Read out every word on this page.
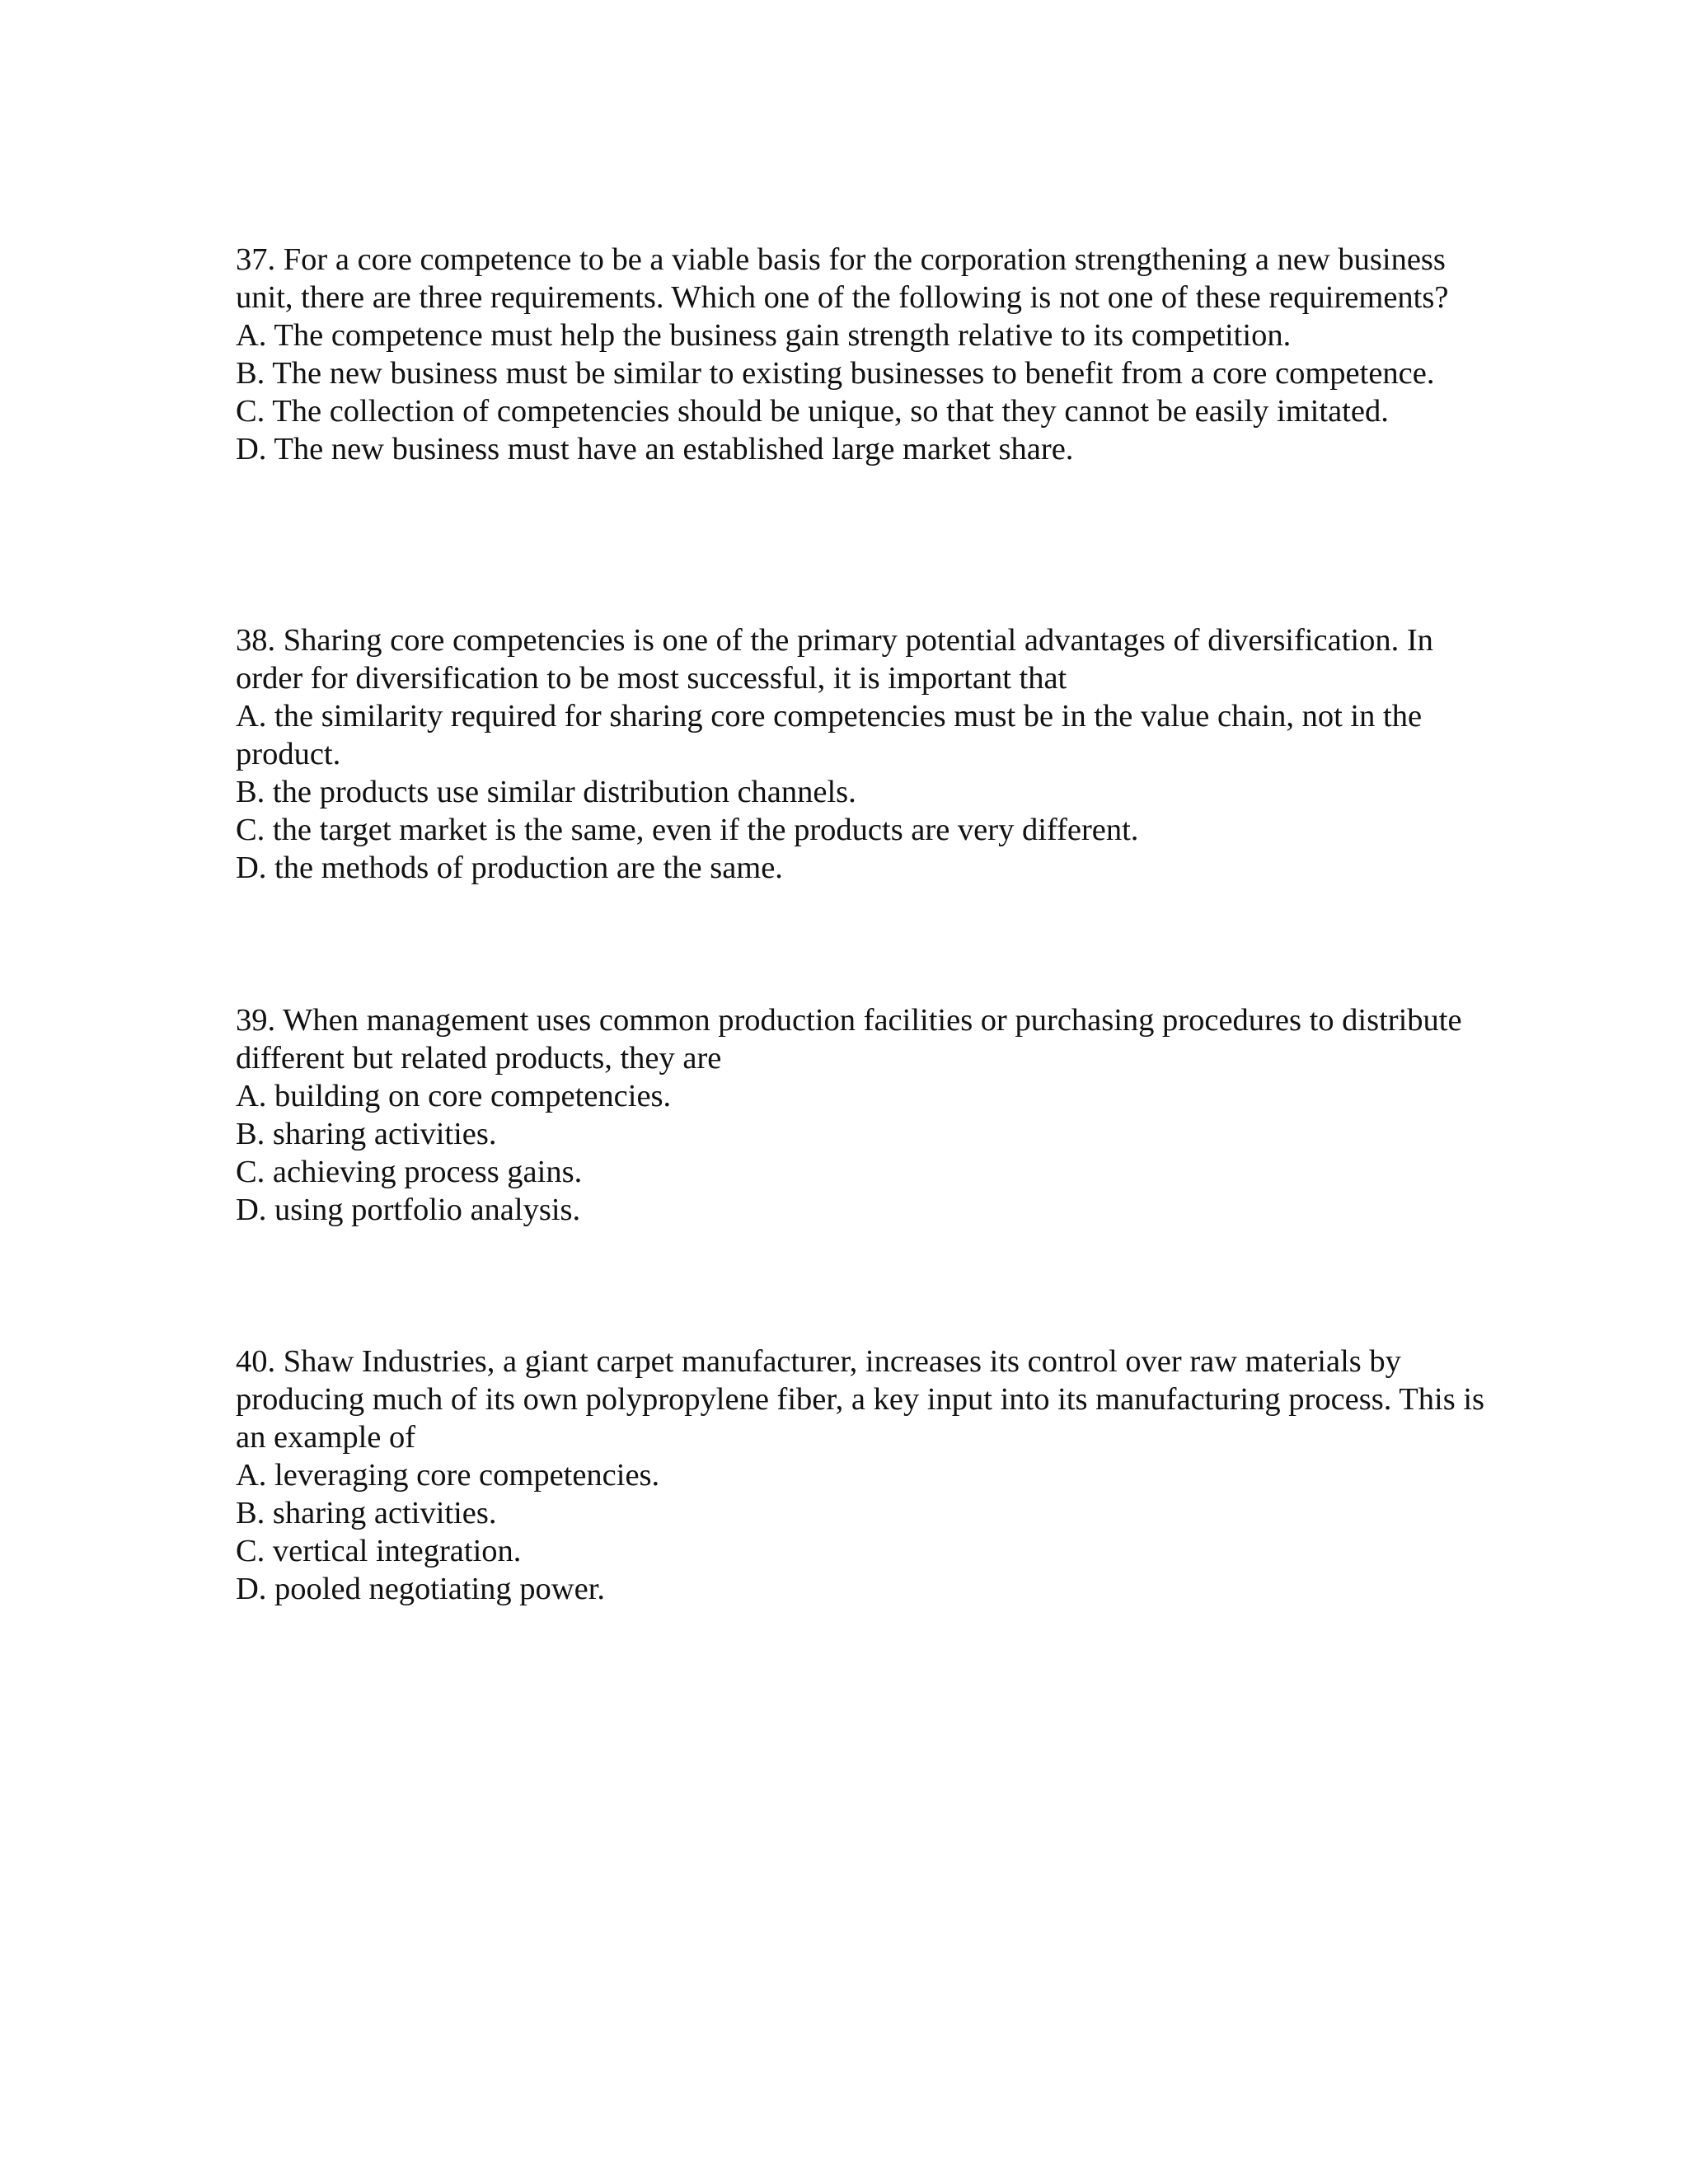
37. For a core competence to be a viable basis for the corporation strengthening a new business unit, there are three requirements. Which one of the following is not one of these requirements?

A. The competence must help the business gain strength relative to its competition.

B. The new business must be similar to existing businesses to benefit from a core competence.

C. The collection of competencies should be unique, so that they cannot be easily imitated.

D. The new business must have an established large market share.

38. Sharing core competencies is one of the primary potential advantages of diversification. In order for diversification to be most successful, it is important that

A. the similarity required for sharing core competencies must be in the value chain, not in the product.

B. the products use similar distribution channels.

C. the target market is the same, even if the products are very different.

D. the methods of production are the same.

39. When management uses common production facilities or purchasing procedures to distribute different but related products, they are

A. building on core competencies.

B. sharing activities.

C. achieving process gains.

D. using portfolio analysis.

40. Shaw Industries, a giant carpet manufacturer, increases its control over raw materials by producing much of its own polypropylene fiber, a key input into its manufacturing process. This is an example of

A. leveraging core competencies.

B. sharing activities.

C. vertical integration.

D. pooled negotiating power.
